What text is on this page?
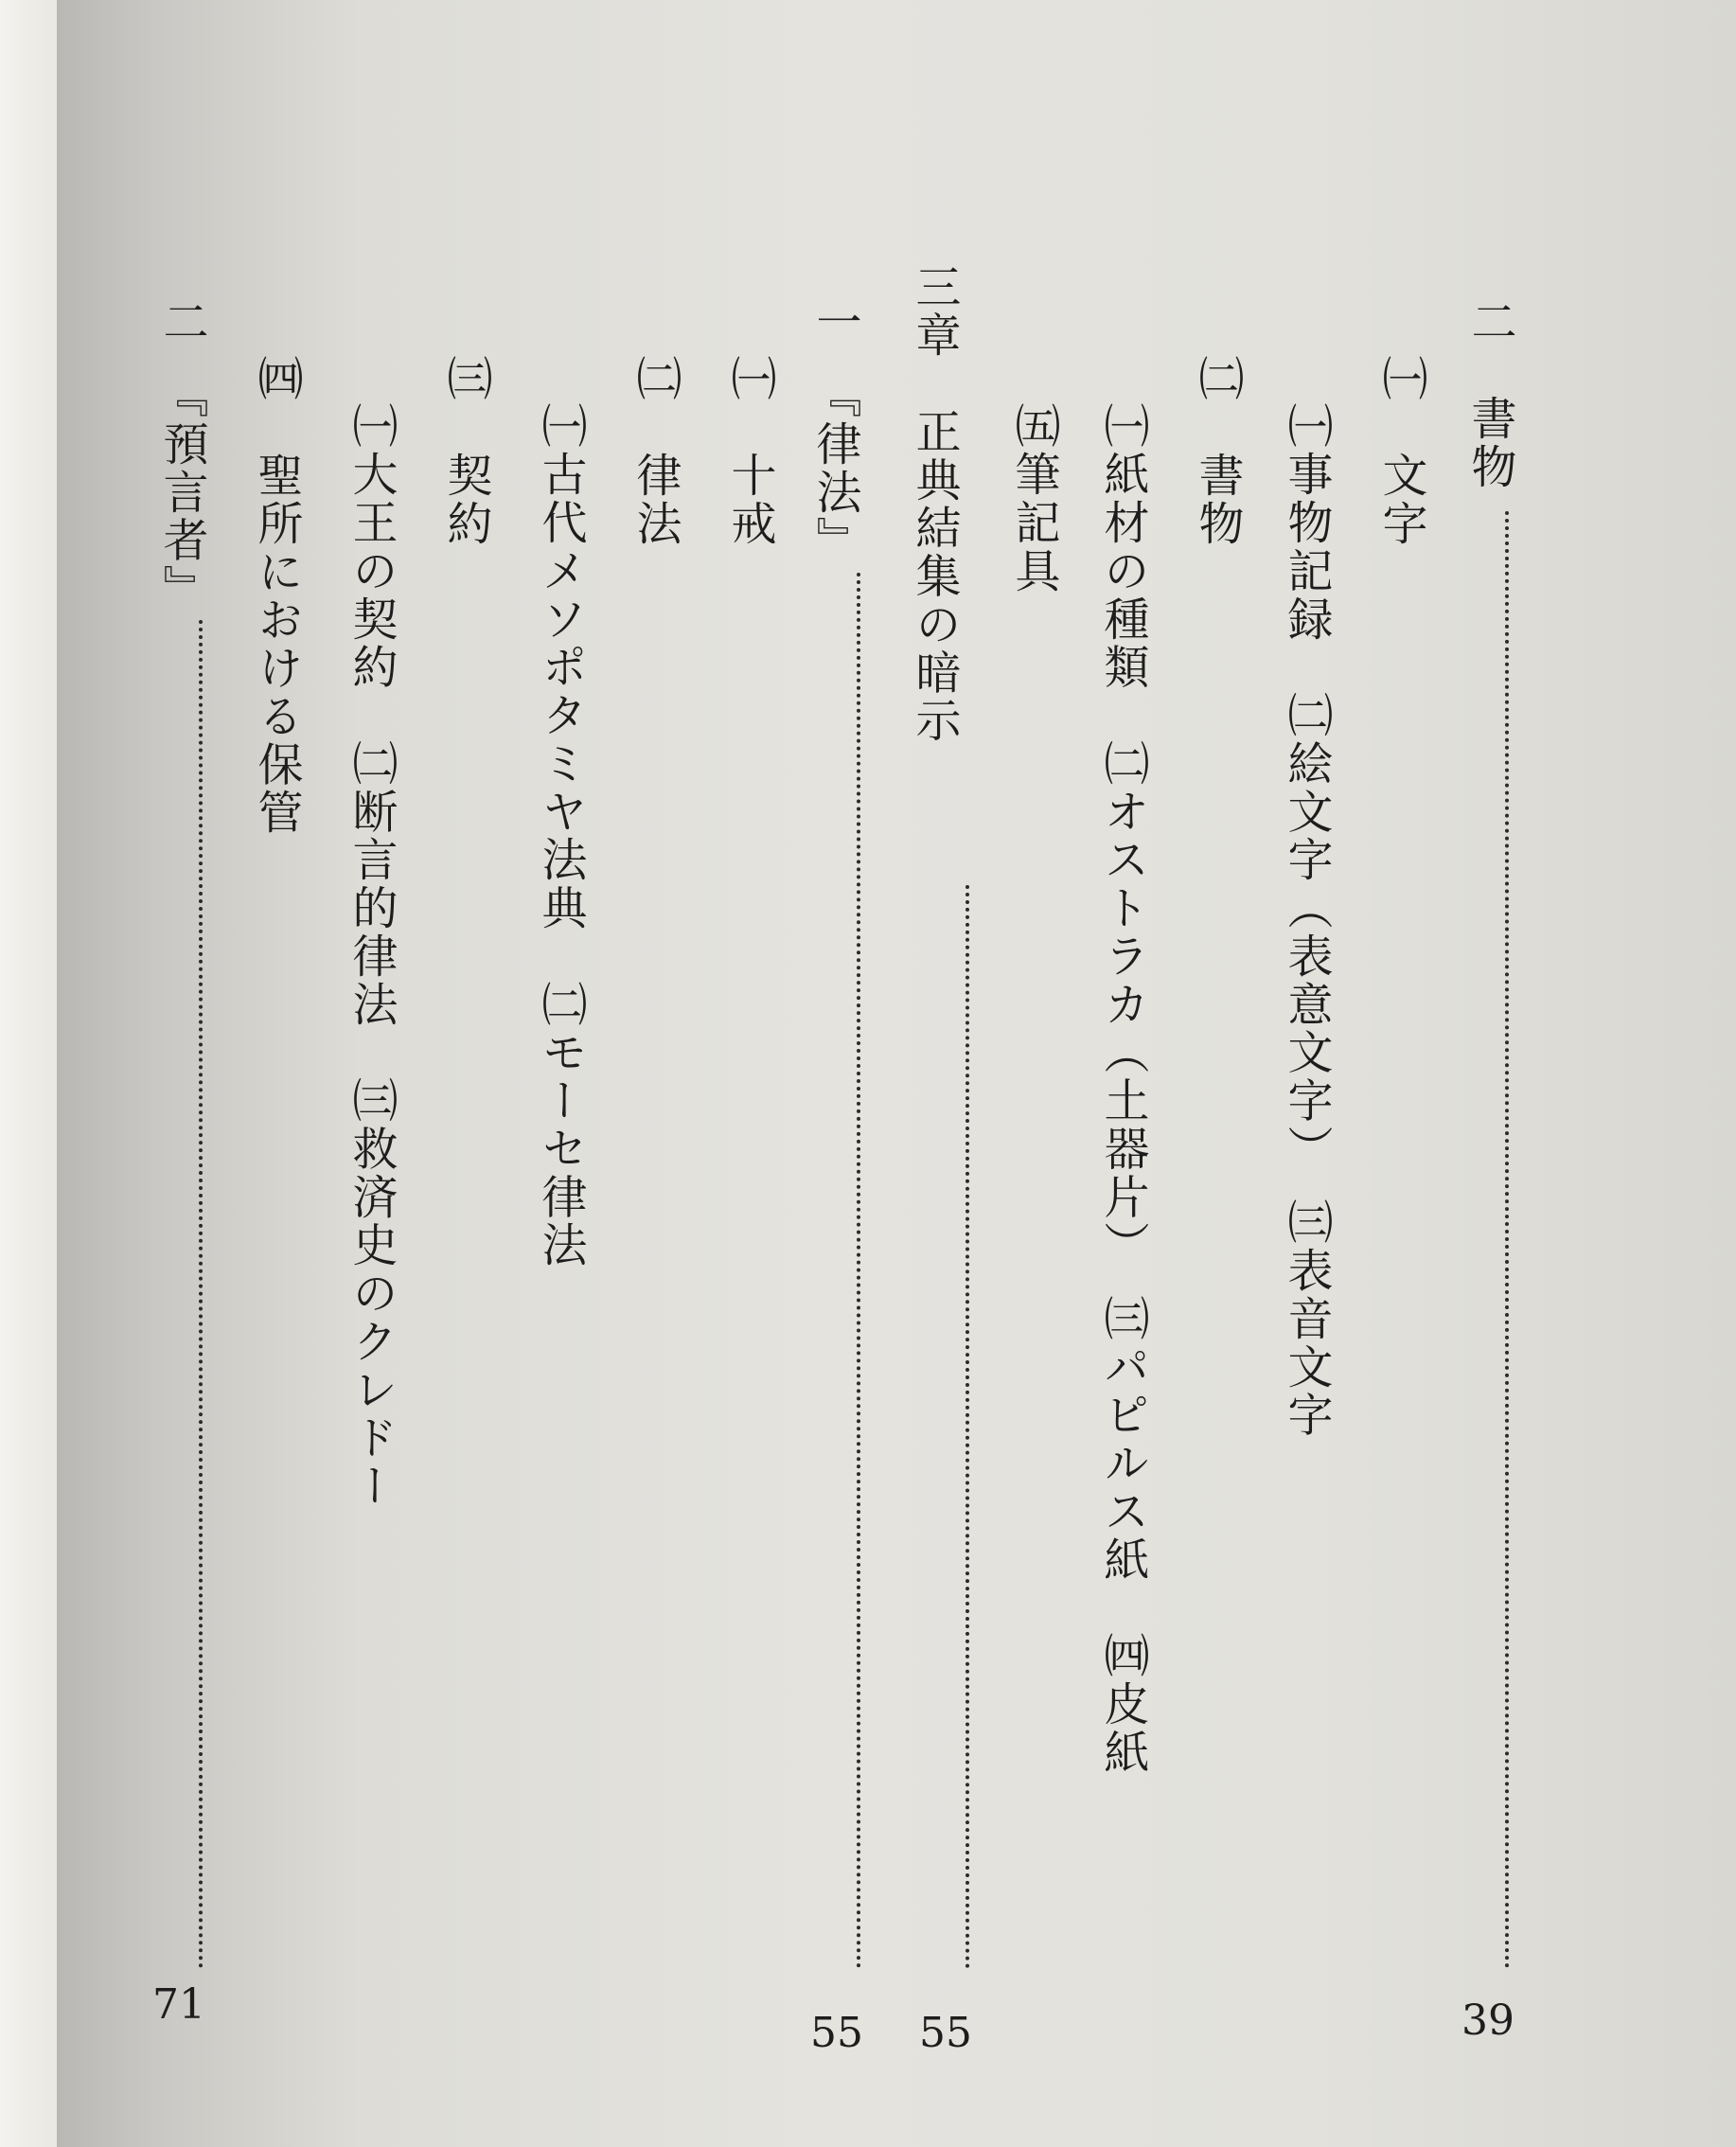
二　書物
㈠　文字
㈠事物記録　㈡絵文字（表意文字）　㈢表音文字
㈡　書物
㈠紙材の種類　㈡オストラカ（土器片）　㈢パピルス紙　㈣皮紙
㈤筆記具
三章　正典結集の暗示
一　『律法』
㈠　十戒
㈡　律法
㈠古代メソポタミヤ法典　㈡モーセ律法
㈢　契約
㈠大王の契約　㈡断言的律法　㈢救済史のクレドー
㈣　聖所における保管
二　『預言者』
39
55
55
71
